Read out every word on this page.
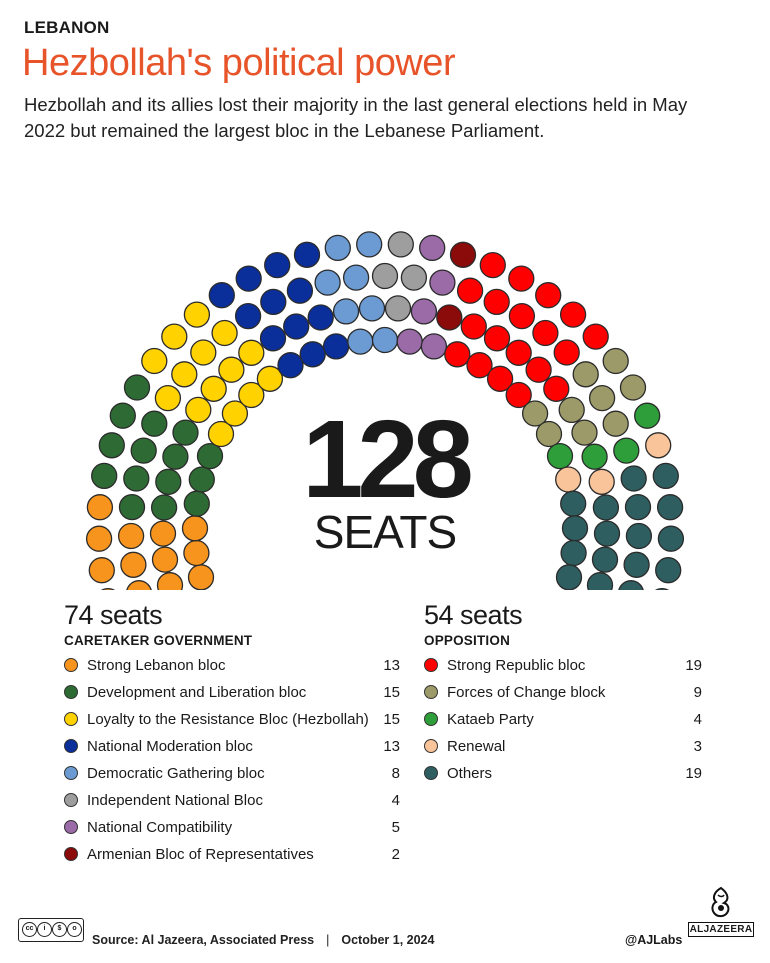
LEBANON
Hezbollah's political power
Hezbollah and its allies lost their majority in the last general elections held in May 2022 but remained the largest bloc in the Lebanese Parliament.
128
SEATS
74 seats
CARETAKER GOVERNMENT
Strong Lebanon bloc	13
Development and Liberation bloc	15
Loyalty to the Resistance Bloc (Hezbollah) 15
National Moderation bloc	13
Democratic Gathering bloc	8
Independent National Bloc	4
National Compatibility	5
Armenian Bloc of Representatives	2
54 seats
OPPOSITION
Strong Republic bloc	19
Forces of Change block	9
Kataeb Party	4
Renewal	3
Others	19
cc	i	$	o
Source: Al Jazeera, Associated Press | October 1, 2024	@AJLabs
ALJAZEERA
